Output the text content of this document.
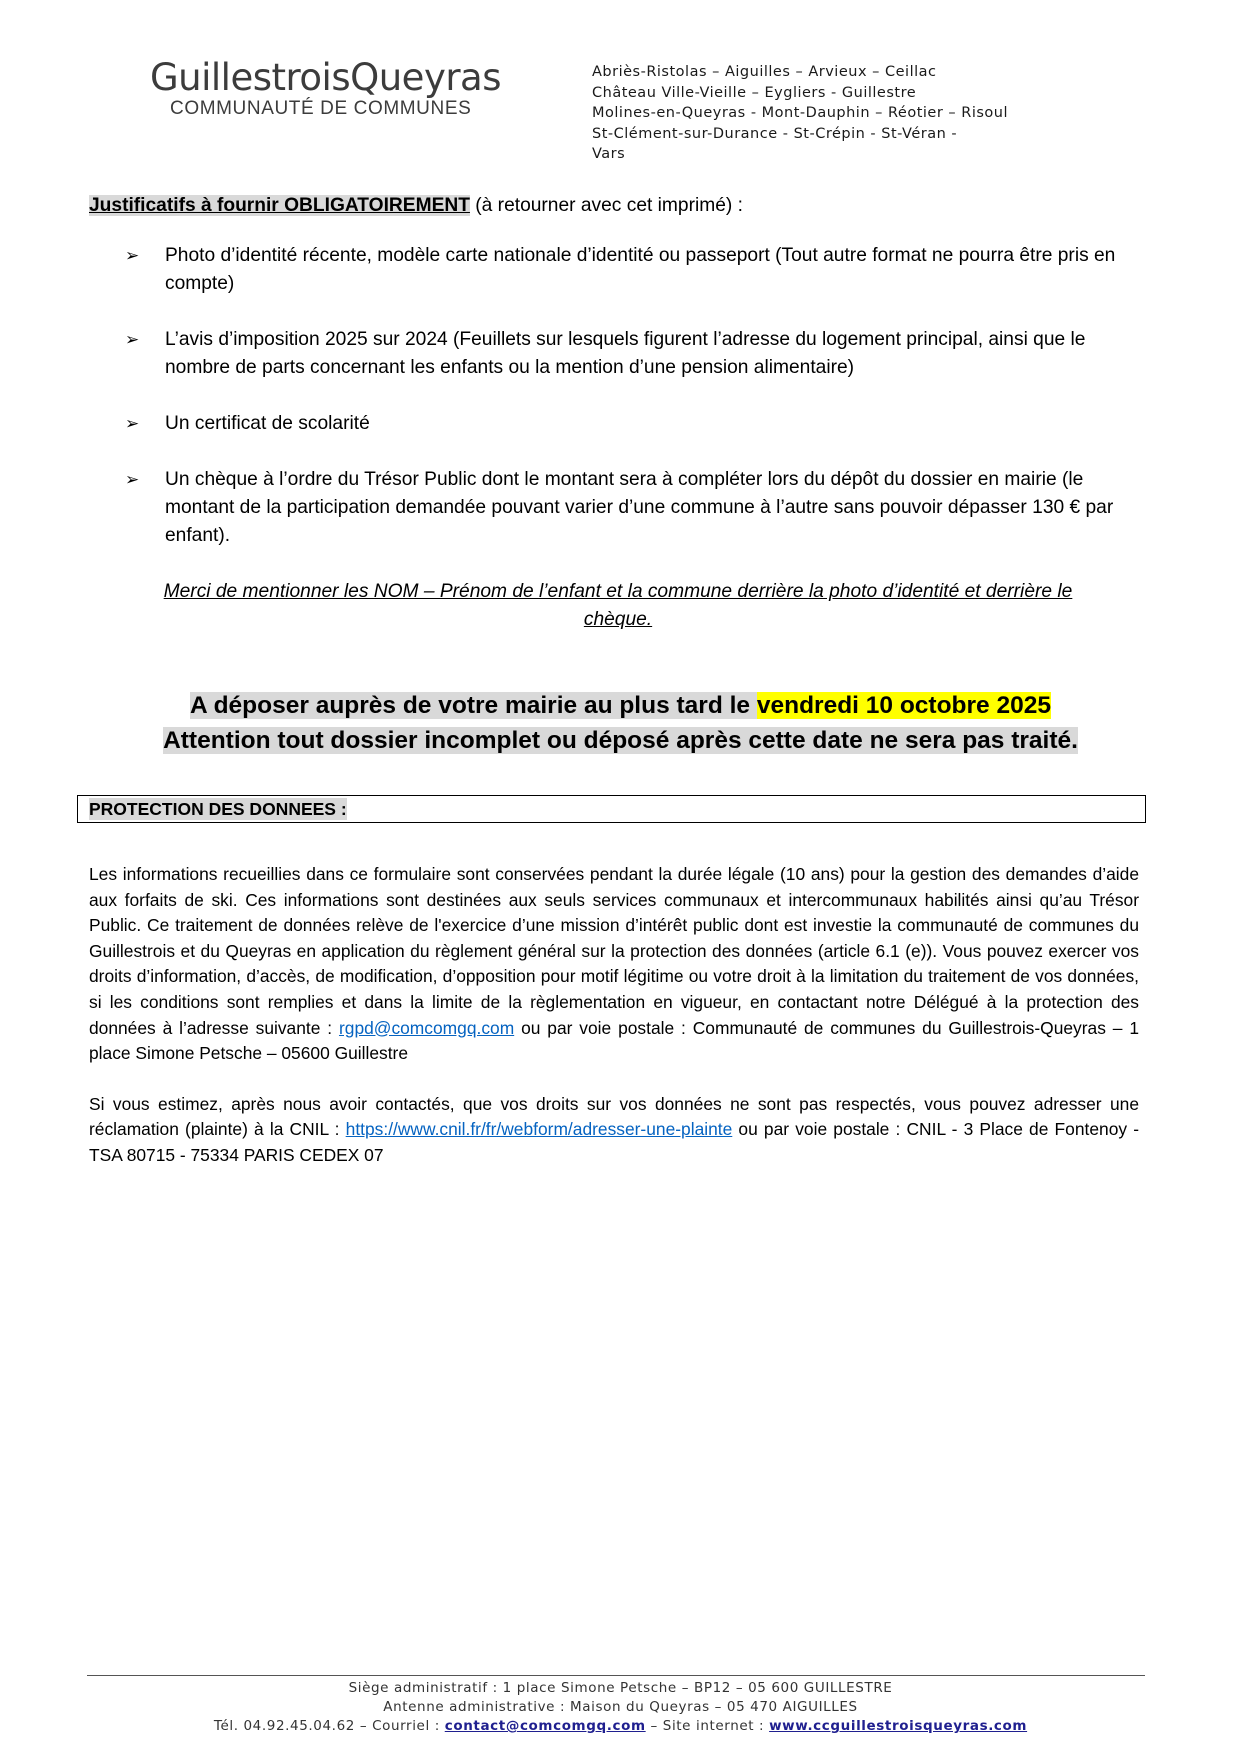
GuillestroisQueyras
COMMUNAUTÉ DE COMMUNES
Abriès-Ristolas – Aiguilles – Arvieux – Ceillac
Château Ville-Vieille – Eygliers - Guillestre
Molines-en-Queyras - Mont-Dauphin – Réotier – Risoul
St-Clément-sur-Durance - St-Crépin - St-Véran -
Vars

Justificatifs à fournir OBLIGATOIREMENT (à retourner avec cet imprimé) :

➢ Photo d’identité récente, modèle carte nationale d’identité ou passeport (Tout autre format ne pourra être pris en compte)
➢ L’avis d’imposition 2025 sur 2024 (Feuillets sur lesquels figurent l’adresse du logement principal, ainsi que le nombre de parts concernant les enfants ou la mention d’une pension alimentaire)
➢ Un certificat de scolarité
➢ Un chèque à l’ordre du Trésor Public dont le montant sera à compléter lors du dépôt du dossier en mairie (le montant de la participation demandée pouvant varier d’une commune à l’autre sans pouvoir dépasser 130 € par enfant).

Merci de mentionner les NOM – Prénom de l’enfant et la commune derrière la photo d’identité et derrière le chèque.

A déposer auprès de votre mairie au plus tard le vendredi 10 octobre 2025
Attention tout dossier incomplet ou déposé après cette date ne sera pas traité.
PROTECTION DES DONNEES :

Les informations recueillies dans ce formulaire sont conservées pendant la durée légale (10 ans) pour la gestion des demandes d’aide aux forfaits de ski. Ces informations sont destinées aux seuls services communaux et intercommunaux habilités ainsi qu’au Trésor Public. Ce traitement de données relève de l'exercice d’une mission d’intérêt public dont est investie la communauté de communes du Guillestrois et du Queyras en application du règlement général sur la protection des données (article 6.1 (e)). Vous pouvez exercer vos droits d’information, d’accès, de modification, d’opposition pour motif légitime ou votre droit à la limitation du traitement de vos données, si les conditions sont remplies et dans la limite de la règlementation en vigueur, en contactant notre Délégué à la protection des données à l’adresse suivante : rgpd@comcomgq.com ou par voie postale : Communauté de communes du Guillestrois-Queyras – 1 place Simone Petsche – 05600 Guillestre

Si vous estimez, après nous avoir contactés, que vos droits sur vos données ne sont pas respectés, vous pouvez adresser une réclamation (plainte) à la CNIL : https://www.cnil.fr/fr/webform/adresser-une-plainte ou par voie postale : CNIL - 3 Place de Fontenoy - TSA 80715 - 75334 PARIS CEDEX 07

Siège administratif : 1 place Simone Petsche – BP12 – 05 600 GUILLESTRE
Antenne administrative : Maison du Queyras – 05 470 AIGUILLES
Tél. 04.92.45.04.62 – Courriel : contact@comcomgq.com – Site internet : www.ccguillestroisqueyras.com
